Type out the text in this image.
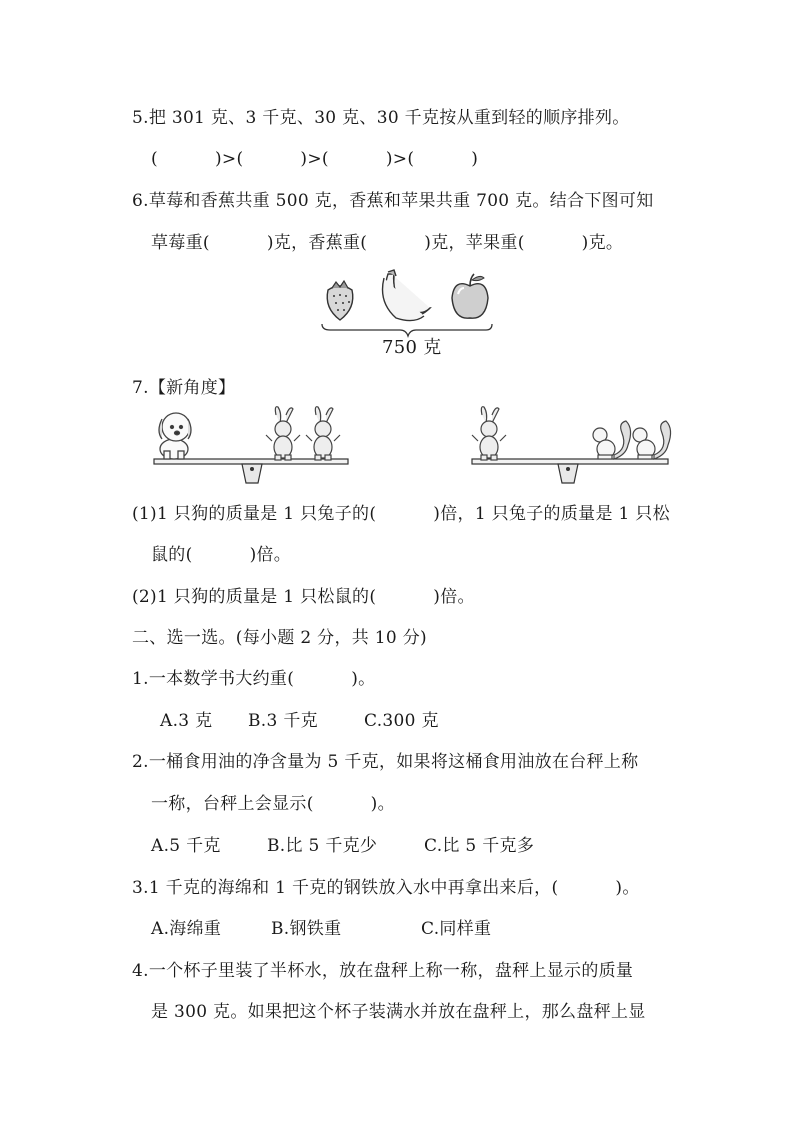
5.把 301 克、3 千克、30 克、30 千克按从重到轻的顺序排列。
(          )>(          )>(          )>(          )
6.草莓和香蕉共重 500 克，香蕉和苹果共重 700 克。结合下图可知
草莓重(          )克，香蕉重(          )克，苹果重(          )克。
750 克
7.【新角度】
(1)1 只狗的质量是 1 只兔子的(          )倍，1 只兔子的质量是 1 只松
鼠的(          )倍。
(2)1 只狗的质量是 1 只松鼠的(          )倍。
二、选一选。(每小题 2 分，共 10 分)
1.一本数学书大约重(          )。
A.3 克 B.3 千克	C.300 克
2.一桶食用油的净含量为 5 千克，如果将这桶食用油放在台秤上称
一称，台秤上会显示(          )。
A.5 千克	B.比 5 千克少	C.比 5 千克多
3.1 千克的海绵和 1 千克的钢铁放入水中再拿出来后，(          )。
A.海绵重	B.钢铁重	C.同样重
4.一个杯子里装了半杯水，放在盘秤上称一称，盘秤上显示的质量
是 300 克。如果把这个杯子装满水并放在盘秤上，那么盘秤上显
